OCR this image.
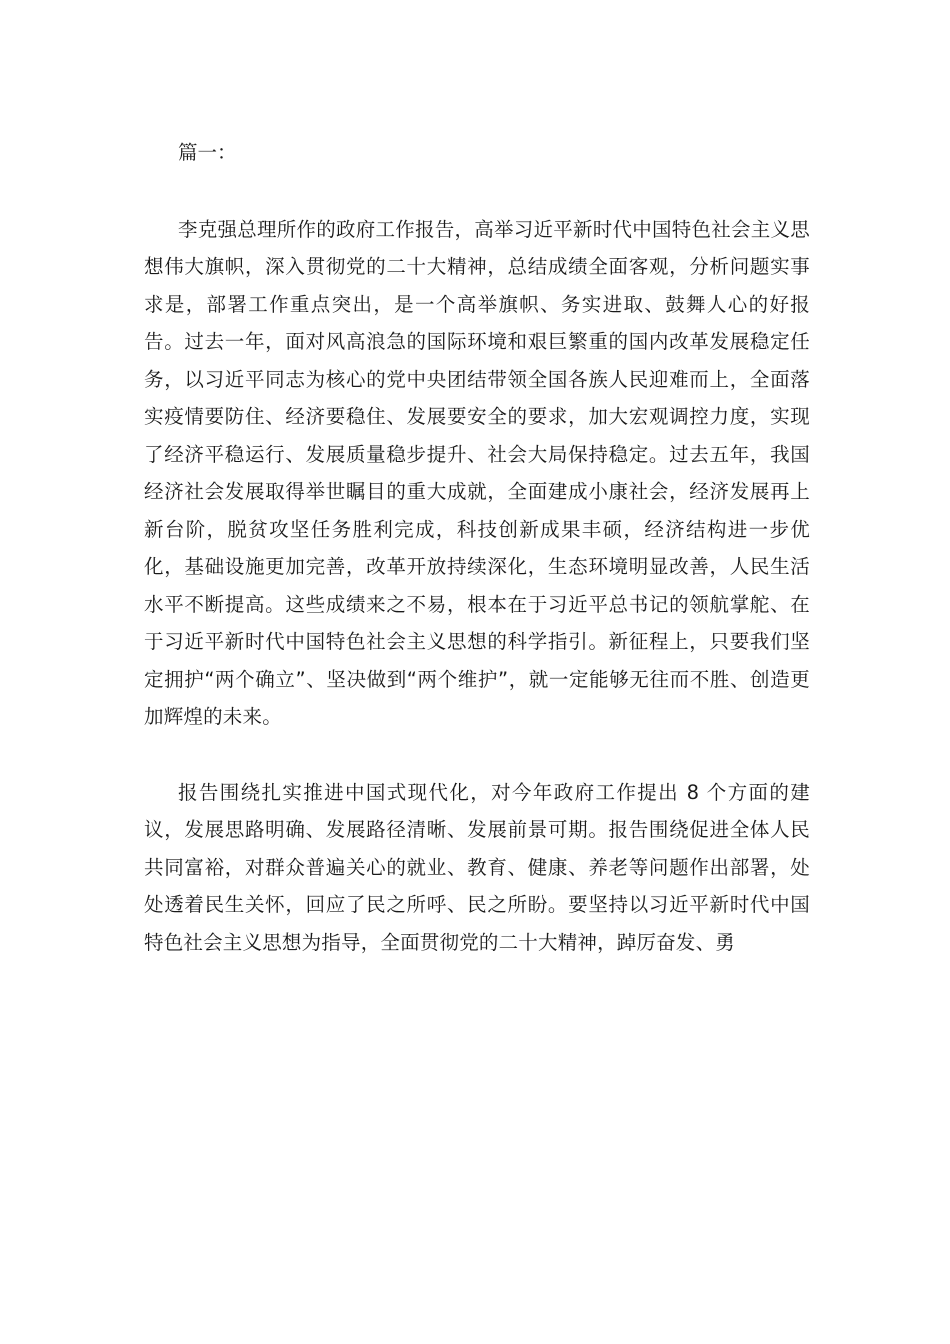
篇一：

李克强总理所作的政府工作报告，高举习近平新时代中国特色社会主义思想伟大旗帜，深入贯彻党的二十大精神，总结成绩全面客观，分析问题实事求是，部署工作重点突出，是一个高举旗帜、务实进取、鼓舞人心的好报告。过去一年，面对风高浪急的国际环境和艰巨繁重的国内改革发展稳定任务，以习近平同志为核心的党中央团结带领全国各族人民迎难而上，全面落实疫情要防住、经济要稳住、发展要安全的要求，加大宏观调控力度，实现了经济平稳运行、发展质量稳步提升、社会大局保持稳定。过去五年，我国经济社会发展取得举世瞩目的重大成就，全面建成小康社会，经济发展再上新台阶，脱贫攻坚任务胜利完成，科技创新成果丰硕，经济结构进一步优化，基础设施更加完善，改革开放持续深化，生态环境明显改善，人民生活水平不断提高。这些成绩来之不易，根本在于习近平总书记的领航掌舵、在于习近平新时代中国特色社会主义思想的科学指引。新征程上，只要我们坚定拥护“两个确立”、坚决做到“两个维护”，就一定能够无往而不胜、创造更加辉煌的未来。

报告围绕扎实推进中国式现代化，对今年政府工作提出 8 个方面的建议，发展思路明确、发展路径清晰、发展前景可期。报告围绕促进全体人民共同富裕，对群众普遍关心的就业、教育、健康、养老等问题作出部署，处处透着民生关怀，回应了民之所呼、民之所盼。要坚持以习近平新时代中国特色社会主义思想为指导，全面贯彻党的二十大精神，踔厉奋发、勇
